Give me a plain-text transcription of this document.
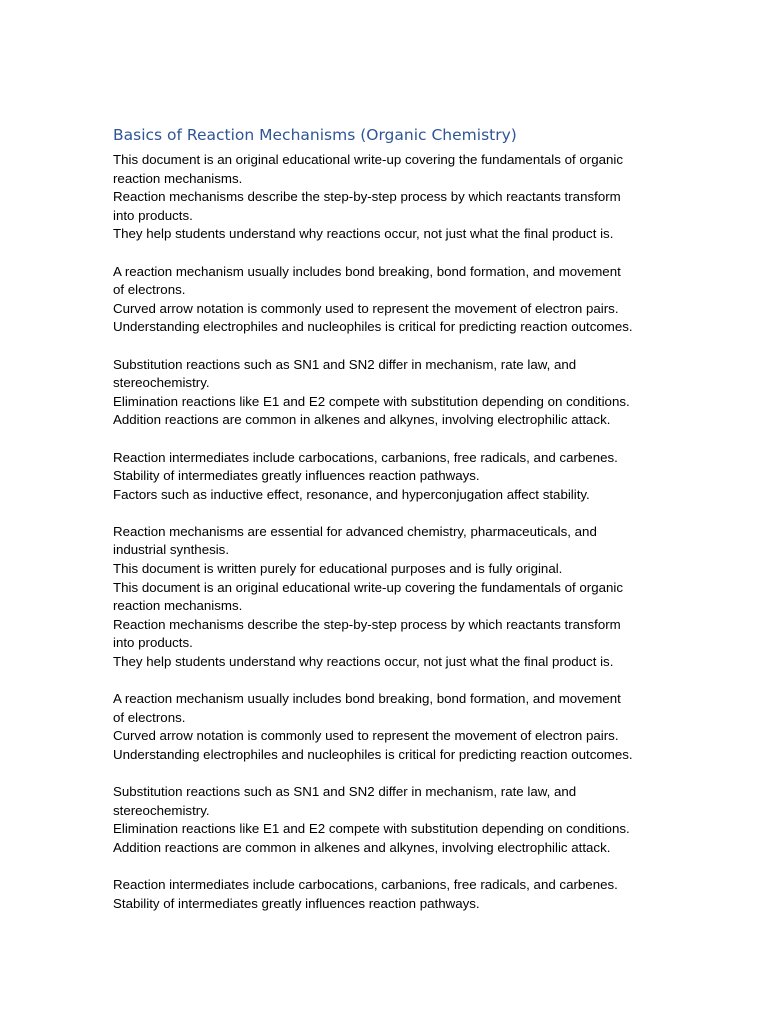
Basics of Reaction Mechanisms (Organic Chemistry)
This document is an original educational write-up covering the fundamentals of organic
reaction mechanisms.
Reaction mechanisms describe the step-by-step process by which reactants transform
into products.
They help students understand why reactions occur, not just what the final product is.
A reaction mechanism usually includes bond breaking, bond formation, and movement
of electrons.
Curved arrow notation is commonly used to represent the movement of electron pairs.
Understanding electrophiles and nucleophiles is critical for predicting reaction outcomes.
Substitution reactions such as SN1 and SN2 differ in mechanism, rate law, and
stereochemistry.
Elimination reactions like E1 and E2 compete with substitution depending on conditions.
Addition reactions are common in alkenes and alkynes, involving electrophilic attack.
Reaction intermediates include carbocations, carbanions, free radicals, and carbenes.
Stability of intermediates greatly influences reaction pathways.
Factors such as inductive effect, resonance, and hyperconjugation affect stability.
Reaction mechanisms are essential for advanced chemistry, pharmaceuticals, and
industrial synthesis.
This document is written purely for educational purposes and is fully original.
This document is an original educational write-up covering the fundamentals of organic
reaction mechanisms.
Reaction mechanisms describe the step-by-step process by which reactants transform
into products.
They help students understand why reactions occur, not just what the final product is.
A reaction mechanism usually includes bond breaking, bond formation, and movement
of electrons.
Curved arrow notation is commonly used to represent the movement of electron pairs.
Understanding electrophiles and nucleophiles is critical for predicting reaction outcomes.
Substitution reactions such as SN1 and SN2 differ in mechanism, rate law, and
stereochemistry.
Elimination reactions like E1 and E2 compete with substitution depending on conditions.
Addition reactions are common in alkenes and alkynes, involving electrophilic attack.
Reaction intermediates include carbocations, carbanions, free radicals, and carbenes.
Stability of intermediates greatly influences reaction pathways.
